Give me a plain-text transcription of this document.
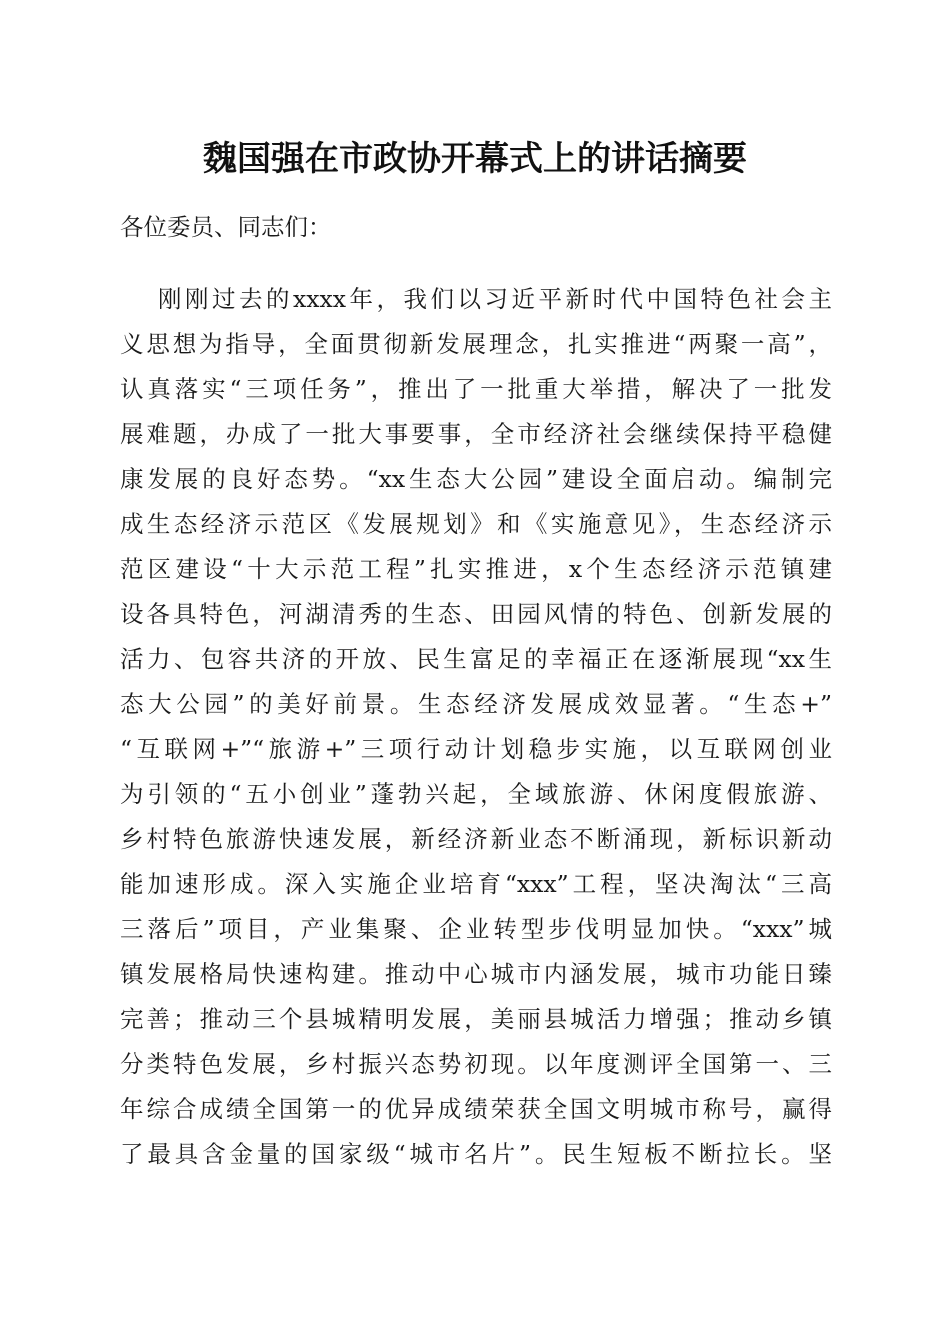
魏国强在市政协开幕式上的讲话摘要
各位委员、同志们：
刚刚过去的xxxx年，我们以习近平新时代中国特色社会主
义思想为指导，全面贯彻新发展理念，扎实推进“两聚一高”，
认真落实“三项任务”，推出了一批重大举措，解决了一批发
展难题，办成了一批大事要事，全市经济社会继续保持平稳健
康发展的良好态势。“xx生态大公园”建设全面启动。编制完
成生态经济示范区《发展规划》和《实施意见》，生态经济示
范区建设“十大示范工程”扎实推进，x个生态经济示范镇建
设各具特色，河湖清秀的生态、田园风情的特色、创新发展的
活力、包容共济的开放、民生富足的幸福正在逐渐展现“xx生
态大公园”的美好前景。生态经济发展成效显著。“生态+”
“互联网+”“旅游+”三项行动计划稳步实施，以互联网创业
为引领的“五小创业”蓬勃兴起，全域旅游、休闲度假旅游、
乡村特色旅游快速发展，新经济新业态不断涌现，新标识新动
能加速形成。深入实施企业培育“xxx”工程，坚决淘汰“三高
三落后”项目，产业集聚、企业转型步伐明显加快。“xxx”城
镇发展格局快速构建。推动中心城市内涵发展，城市功能日臻
完善；推动三个县城精明发展，美丽县城活力增强；推动乡镇
分类特色发展，乡村振兴态势初现。以年度测评全国第一、三
年综合成绩全国第一的优异成绩荣获全国文明城市称号，赢得
了最具含金量的国家级“城市名片”。民生短板不断拉长。坚
